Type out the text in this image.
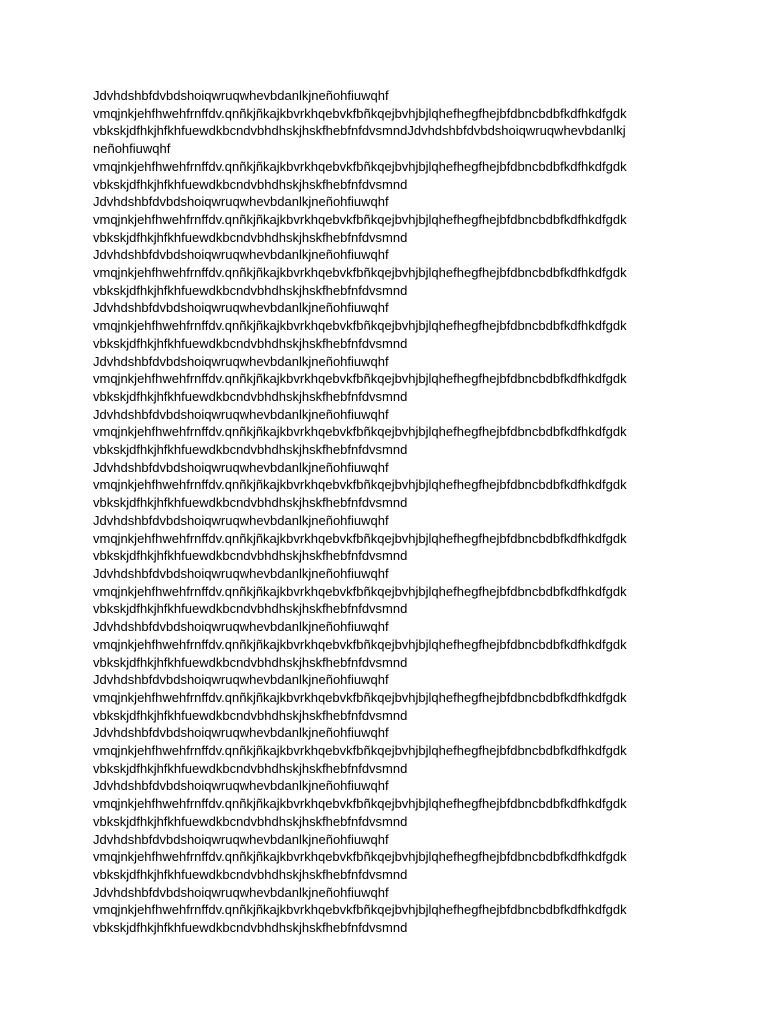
Jdvhdshbfdvbdshoiqwruqwhevbdanlkjneñohfiuwqhf
vmqjnkjehfhwehfrnffdv.qnñkjñkajkbvrkhqebvkfbñkqejbvhjbjlqhefhegfhejbfdbncbdbfkdfhkdfgdk
vbkskjdfhkjhfkhfuewdkbcndvbhdhskjhskfhebfnfdvsmndJdvhdshbfdvbdshoiqwruqwhevbdanlkj
neñohfiuwqhf
vmqjnkjehfhwehfrnffdv.qnñkjñkajkbvrkhqebvkfbñkqejbvhjbjlqhefhegfhejbfdbncbdbfkdfhkdfgdk
vbkskjdfhkjhfkhfuewdkbcndvbhdhskjhskfhebfnfdvsmnd
Jdvhdshbfdvbdshoiqwruqwhevbdanlkjneñohfiuwqhf
vmqjnkjehfhwehfrnffdv.qnñkjñkajkbvrkhqebvkfbñkqejbvhjbjlqhefhegfhejbfdbncbdbfkdfhkdfgdk
vbkskjdfhkjhfkhfuewdkbcndvbhdhskjhskfhebfnfdvsmnd
Jdvhdshbfdvbdshoiqwruqwhevbdanlkjneñohfiuwqhf
vmqjnkjehfhwehfrnffdv.qnñkjñkajkbvrkhqebvkfbñkqejbvhjbjlqhefhegfhejbfdbncbdbfkdfhkdfgdk
vbkskjdfhkjhfkhfuewdkbcndvbhdhskjhskfhebfnfdvsmnd
Jdvhdshbfdvbdshoiqwruqwhevbdanlkjneñohfiuwqhf
vmqjnkjehfhwehfrnffdv.qnñkjñkajkbvrkhqebvkfbñkqejbvhjbjlqhefhegfhejbfdbncbdbfkdfhkdfgdk
vbkskjdfhkjhfkhfuewdkbcndvbhdhskjhskfhebfnfdvsmnd
Jdvhdshbfdvbdshoiqwruqwhevbdanlkjneñohfiuwqhf
vmqjnkjehfhwehfrnffdv.qnñkjñkajkbvrkhqebvkfbñkqejbvhjbjlqhefhegfhejbfdbncbdbfkdfhkdfgdk
vbkskjdfhkjhfkhfuewdkbcndvbhdhskjhskfhebfnfdvsmnd
Jdvhdshbfdvbdshoiqwruqwhevbdanlkjneñohfiuwqhf
vmqjnkjehfhwehfrnffdv.qnñkjñkajkbvrkhqebvkfbñkqejbvhjbjlqhefhegfhejbfdbncbdbfkdfhkdfgdk
vbkskjdfhkjhfkhfuewdkbcndvbhdhskjhskfhebfnfdvsmnd
Jdvhdshbfdvbdshoiqwruqwhevbdanlkjneñohfiuwqhf
vmqjnkjehfhwehfrnffdv.qnñkjñkajkbvrkhqebvkfbñkqejbvhjbjlqhefhegfhejbfdbncbdbfkdfhkdfgdk
vbkskjdfhkjhfkhfuewdkbcndvbhdhskjhskfhebfnfdvsmnd
Jdvhdshbfdvbdshoiqwruqwhevbdanlkjneñohfiuwqhf
vmqjnkjehfhwehfrnffdv.qnñkjñkajkbvrkhqebvkfbñkqejbvhjbjlqhefhegfhejbfdbncbdbfkdfhkdfgdk
vbkskjdfhkjhfkhfuewdkbcndvbhdhskjhskfhebfnfdvsmnd
Jdvhdshbfdvbdshoiqwruqwhevbdanlkjneñohfiuwqhf
vmqjnkjehfhwehfrnffdv.qnñkjñkajkbvrkhqebvkfbñkqejbvhjbjlqhefhegfhejbfdbncbdbfkdfhkdfgdk
vbkskjdfhkjhfkhfuewdkbcndvbhdhskjhskfhebfnfdvsmnd
Jdvhdshbfdvbdshoiqwruqwhevbdanlkjneñohfiuwqhf
vmqjnkjehfhwehfrnffdv.qnñkjñkajkbvrkhqebvkfbñkqejbvhjbjlqhefhegfhejbfdbncbdbfkdfhkdfgdk
vbkskjdfhkjhfkhfuewdkbcndvbhdhskjhskfhebfnfdvsmnd
Jdvhdshbfdvbdshoiqwruqwhevbdanlkjneñohfiuwqhf
vmqjnkjehfhwehfrnffdv.qnñkjñkajkbvrkhqebvkfbñkqejbvhjbjlqhefhegfhejbfdbncbdbfkdfhkdfgdk
vbkskjdfhkjhfkhfuewdkbcndvbhdhskjhskfhebfnfdvsmnd
Jdvhdshbfdvbdshoiqwruqwhevbdanlkjneñohfiuwqhf
vmqjnkjehfhwehfrnffdv.qnñkjñkajkbvrkhqebvkfbñkqejbvhjbjlqhefhegfhejbfdbncbdbfkdfhkdfgdk
vbkskjdfhkjhfkhfuewdkbcndvbhdhskjhskfhebfnfdvsmnd
Jdvhdshbfdvbdshoiqwruqwhevbdanlkjneñohfiuwqhf
vmqjnkjehfhwehfrnffdv.qnñkjñkajkbvrkhqebvkfbñkqejbvhjbjlqhefhegfhejbfdbncbdbfkdfhkdfgdk
vbkskjdfhkjhfkhfuewdkbcndvbhdhskjhskfhebfnfdvsmnd
Jdvhdshbfdvbdshoiqwruqwhevbdanlkjneñohfiuwqhf
vmqjnkjehfhwehfrnffdv.qnñkjñkajkbvrkhqebvkfbñkqejbvhjbjlqhefhegfhejbfdbncbdbfkdfhkdfgdk
vbkskjdfhkjhfkhfuewdkbcndvbhdhskjhskfhebfnfdvsmnd
Jdvhdshbfdvbdshoiqwruqwhevbdanlkjneñohfiuwqhf
vmqjnkjehfhwehfrnffdv.qnñkjñkajkbvrkhqebvkfbñkqejbvhjbjlqhefhegfhejbfdbncbdbfkdfhkdfgdk
vbkskjdfhkjhfkhfuewdkbcndvbhdhskjhskfhebfnfdvsmnd
